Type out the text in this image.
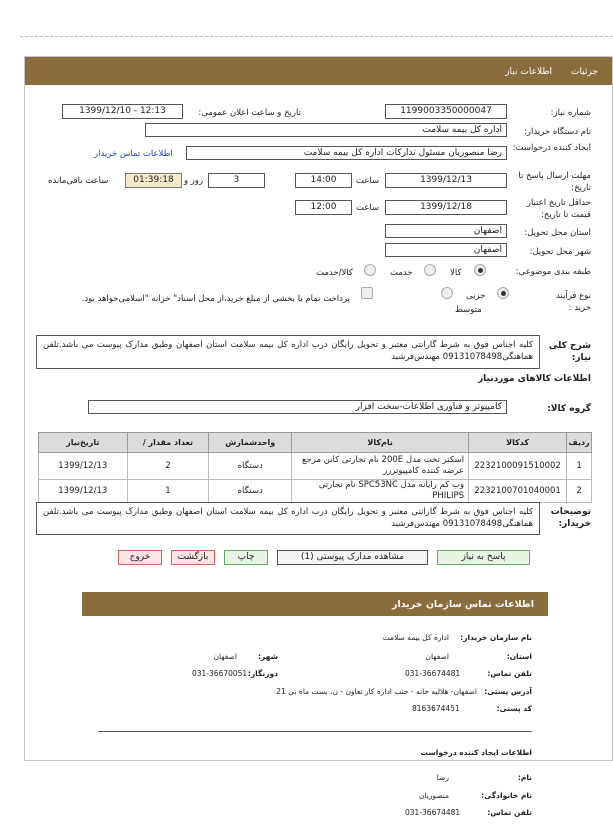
جزئیات
اطلاعات نیاز
شماره نیاز:
1199003350000047
تاریخ و ساعت اعلان عمومی:
1399/12/10 - 12:13
نام دستگاه خریدار:
اداره کل بیمه سلامت
ایجاد کننده درخواست:
رضا منصوریان مسئول تدارکات اداره کل بیمه سلامت
اطلاعات تماس خریدار
مهلت ارسال پاسخ تا تاریخ:
1399/12/13
ساعت
14:00
3
روز و
01:39:18
ساعت باقی‌مانده
حداقل تاریخ اعتبار قیمت تا تاریخ:
1399/12/18
ساعت
12:00
استان محل تحویل:
اصفهان
شهر محل تحویل:
اصفهان
طبقه بندی موضوعی:
کالا
خدمت
کالا/خدمت
نوع فرآیند خرید :
جزیی
متوسط
پرداخت تمام یا بخشی از مبلغ خرید،از محل اسناد" خزانه "اسلامی‌خواهد بود.
شرح کلی نیاز:
کلیه اجناس فوق به شرط گارانتی معتبر و تحویل رایگان درب اداره کل بیمه سلامت استان اصفهان وطبق مدارک پیوست می باشد.تلفن هماهنگی09131078498 مهندس‌فرشید
اطلاعات کالاهای موردنیاز
گروه کالا:
کامپیوتر و فناوری اطلاعات-سخت افزار
ردیف	کدکالا	نام‌کالا	واحدشمارش	تعداد مقدار /	تاریخ‌نیاز
1	2232100091510002	اسکنر تخت مدل 200E نام تجارتی کانن مرجع عرضه کننده کامپیوتررز	دستگاه	2	1399/12/13
2	2232100701040001	وب کم رایانه مدل SPC53NC نام تجارتی PHILIPS	دستگاه	1	1399/12/13
توضیحات خریدار:
کلیه اجناس فوق به شرط گارانتی معتبر و تحویل رایگان درب اداره کل بیمه سلامت استان اصفهان وطبق مدارک پیوست می باشد.تلفن هماهنگی09131078498 مهندس‌فرشید
پاسخ به نیاز
مشاهده مدارک پیوستی (1)
چاپ
بازگشت
خروج
اطلاعات تماس سازمان خریدار
نام سازمان خریدار:
اداره کل بیمه سلامت
استان:
اصفهان
شهر:
اصفهان
تلفن تماس:
031-36674481
دورنگار:
031-36670051
آدرس پستی:
اصفهان- هلالیه خانه - جنب اداره کار تعاون - ن، بست ماه بی 21
کد پستی:
8163674451
اطلاعات ایجاد کننده درخواست
نام:
رضا
نام خانوادگی:
منصوریان
تلفن تماس:
031-36674481
